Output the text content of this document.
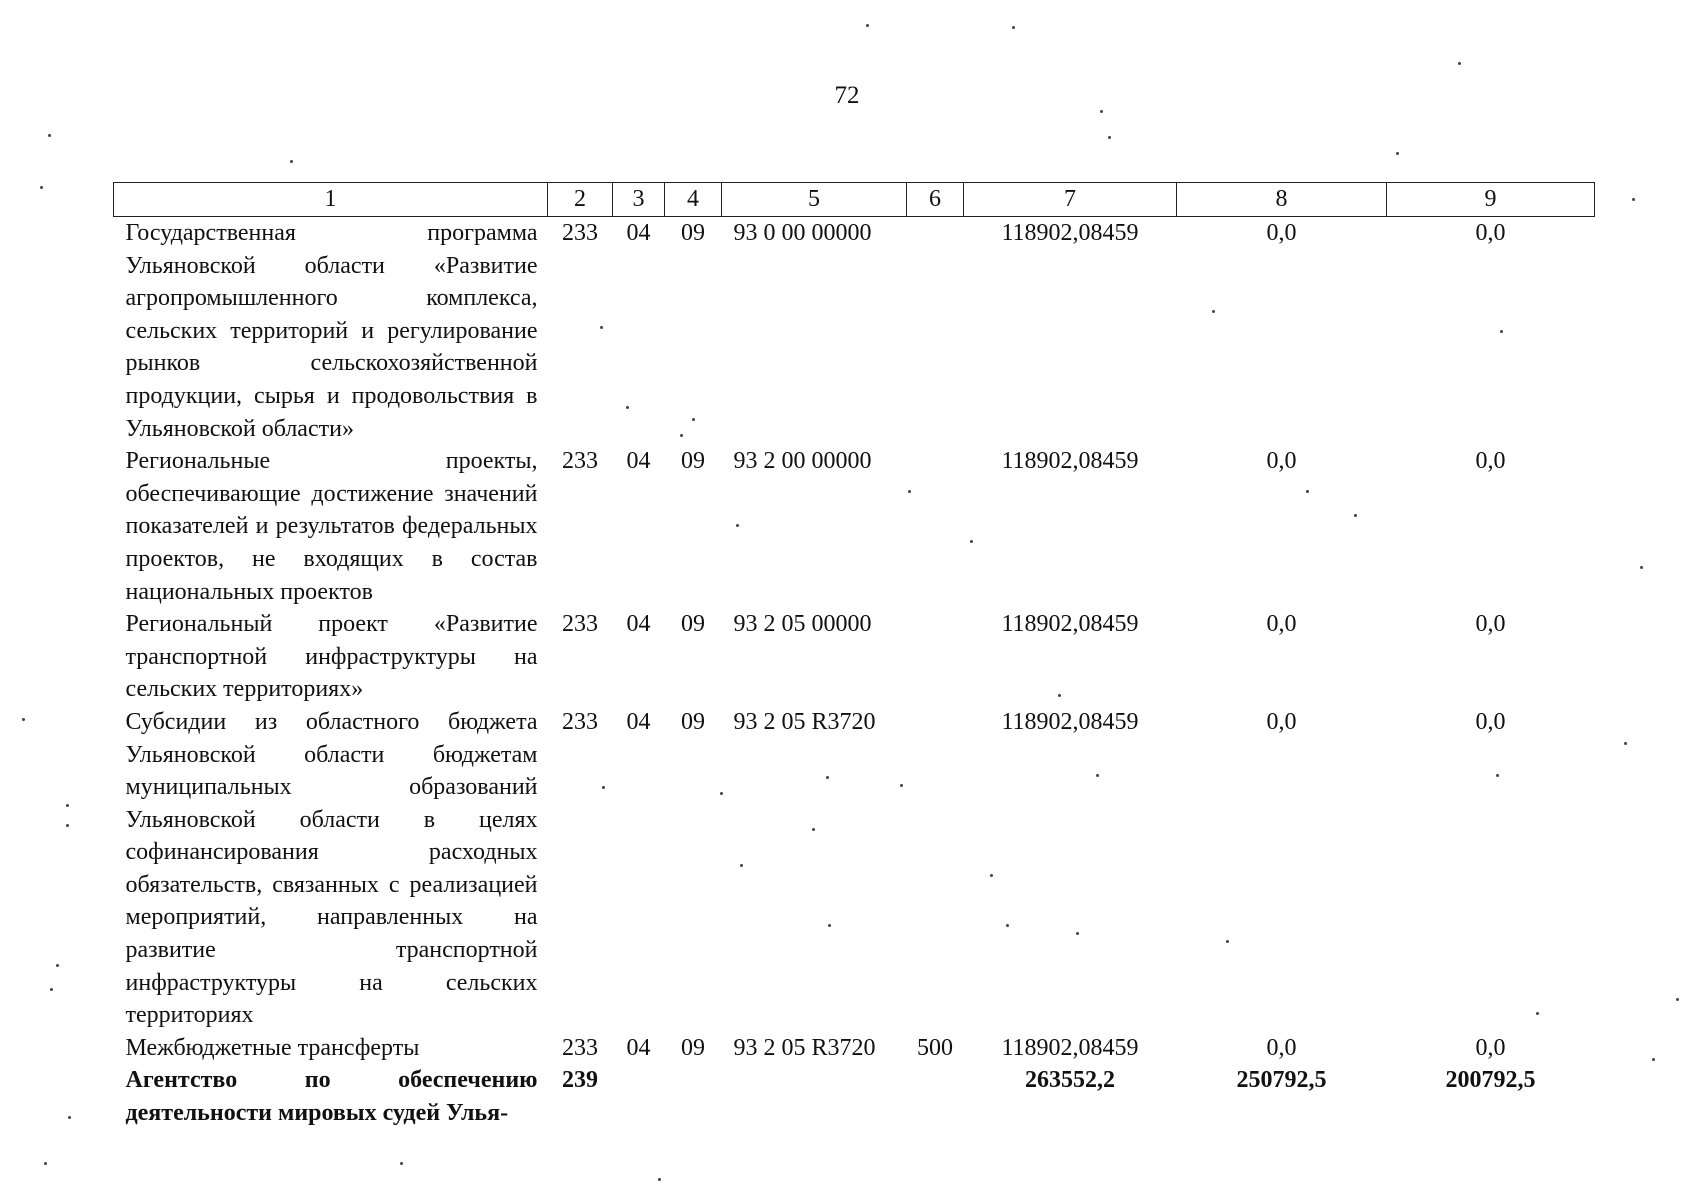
72
1	2	3	4	5	6	7	8	9
Государственная программа Ульяновской области «Развитие агропромышленного комплекса, сельских территорий и регулирование рынков сельскохозяйственной продукции, сырья и продовольствия в Ульяновской области»	233	04	09	93 0 00 00000		118902,08459	0,0	0,0
Региональные проекты, обеспечивающие достижение значений показателей и результатов федеральных проектов, не входящих в состав национальных проектов	233	04	09	93 2 00 00000		118902,08459	0,0	0,0
Региональный проект «Развитие транспортной инфраструктуры на сельских территориях»	233	04	09	93 2 05 00000		118902,08459	0,0	0,0
Субсидии из областного бюджета Ульяновской области бюджетам муниципальных образований Ульяновской области в целях софинансирования расходных обязательств, связанных с реализацией мероприятий, направленных на развитие транспортной инфраструктуры на сельских территориях	233	04	09	93 2 05 R3720		118902,08459	0,0	0,0
Межбюджетные трансферты	233	04	09	93 2 05 R3720	500	118902,08459	0,0	0,0
Агентство по обеспечению деятельности мировых судей Улья-	239					263552,2	250792,5	200792,5
